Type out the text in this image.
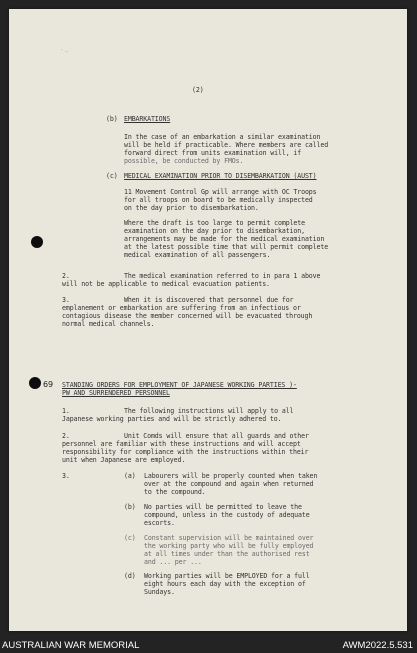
· ..
(2)
(b) EMBARKATIONS
In the case of an embarkation a similar examination
will be held if practicable. Where members are called
forward direct from units examination will, if
possible, be conducted by FMOs.
(c) MEDICAL EXAMINATION PRIOR TO DISEMBARKATION (AUST)
11 Movement Control Gp will arrange with OC Troops
for all troops on board to be medically inspected
on the day prior to disembarkation.
Where the draft is too large to permit complete
examination on the day prior to disembarkation,
arrangements may be made for the medical examination
at the latest possible time that will permit complete
medical examination of all passengers.
2.	The medical examination referred to in para 1 above
will not be applicable to medical evacuation patients.
3.	When it is discovered that personnel due for
emplanement or embarkation are suffering from an infectious or
contagious disease the member concerned will be evacuated through
normal medical channels.
69 STANDING ORDERS FOR EMPLOYMENT OF JAPANESE WORKING PARTIES )-
PW AND SURRENDERED PERSONNEL
1.	The following instructions will apply to all
Japanese working parties and will be strictly adhered to.
2.	Unit Comds will ensure that all guards and other
personnel are familiar with these instructions and will accept
responsibility for compliance with the instructions within their
unit when Japanese are employed.
3.	(a) Labourers will be properly counted when taken
over at the compound and again when returned
to the compound.
(b) No parties will be permitted to leave the
compound, unless in the custody of adequate
escorts.
(c) Constant supervision will be maintained over
the working party who will be fully employed
at all times under than the authorised rest
and ... per ...
(d) Working parties will be EMPLOYED for a full
eight hours each day with the exception of
Sundays.
AUSTRALIAN WAR MEMORIAL	AWM2022.5.531
